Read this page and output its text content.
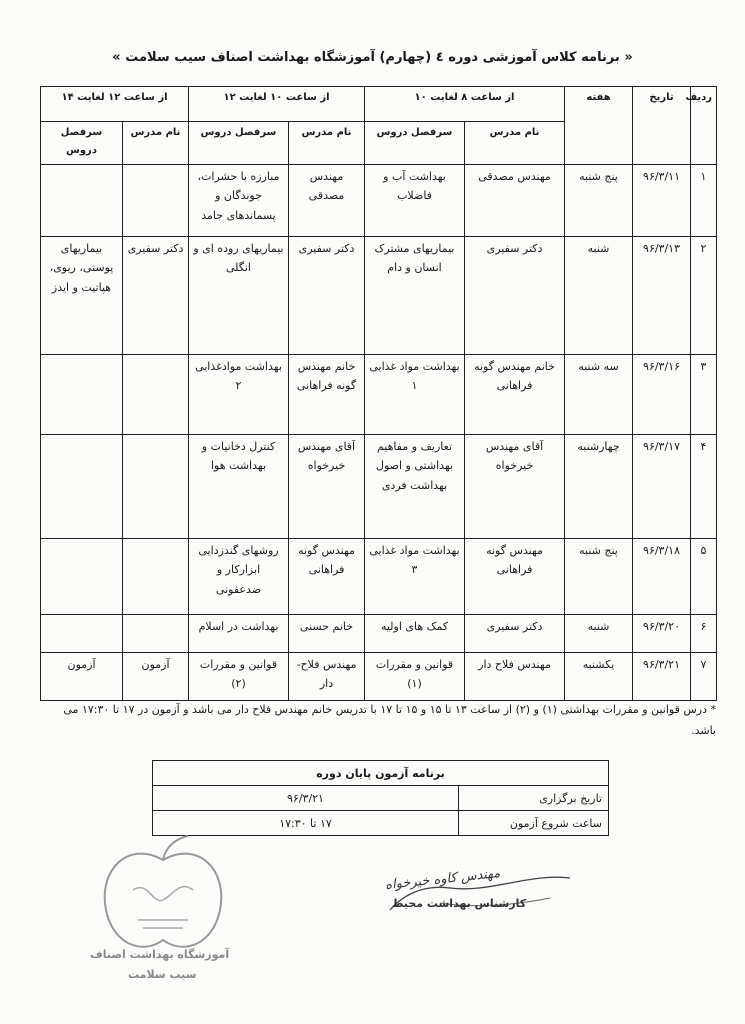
« برنامه کلاس آموزشی دوره ٤ (چهارم) آموزشگاه بهداشت اصناف سیب سلامت »
ردیف	تاریخ	هفته	از ساعت ۸ لغایت ۱۰		از ساعت ۱۰ لغایت ۱۲		از ساعت ۱۲ لغایت ۱۴	
			نام مدرس	سرفصل دروس	نام مدرس	سرفصل دروس	نام مدرس	سرفصل دروس
۱	۹۶/۳/۱۱	پنج شنبه	مهندس مصدقی	بهداشت آب و فاضلاب	مهندس مصدقی	مبارزه با حشرات، جوندگان و پسماندهای جامد		
۲	۹۶/۳/۱۳	شنبه	دکتر سفیری	بیماریهای مشترک انسان و دام	دکتر سفیری	بیماریهای روده ای و انگلی	دکتر سفیری	بیماریهای پوستی، ریوی، هپاتیت و ایدز
۳	۹۶/۳/۱۶	سه شنبه	خانم مهندس گونه فراهانی	بهداشت مواد غذایی ۱	خانم مهندس گونه فراهانی	بهداشت موادغذایی ۲		
۴	۹۶/۳/۱۷	چهارشنبه	آقای مهندس خیرخواه	تعاریف و مفاهیم بهداشتی و اصول بهداشت فردی	آقای مهندس خیرخواه	کنترل دخانیات و بهداشت هوا		
۵	۹۶/۳/۱۸	پنج شنبه	مهندس گونه فراهانی	بهداشت مواد غذایی ۳	مهندس گونه فراهانی	روشهای گندزدایی ابزارکار و ضدعفونی		
۶	۹۶/۳/۲۰	شنبه	دکتر سفیری	کمک های اولیه	خانم حسنی	بهداشت در اسلام		
۷	۹۶/۳/۲۱	یکشنبه	مهندس فلاح دار	قوانین و مقررات (۱)	مهندس فلاح- دار	قوانین و مقررات (۲)	آزمون	آزمون
* درس قوانین و مقررات بهداشتی (۱) و (۲) از ساعت ۱۳ تا ۱۵ و ۱۵ تا ۱۷ با تدریس خانم مهندس فلاح دار می باشد و آزمون در ۱۷ تا ۱۷:۳۰ می باشد.
برنامه آزمون پایان دوره	
تاریخ برگزاری	۹۶/۳/۲۱
ساعت شروع آزمون	۱۷ تا ۱۷:۳۰
آموزشگاه بهداشت اصناف
سیب سلامت
مهندس کاوه خیرخواه
کارشناس بهداشت محیط
